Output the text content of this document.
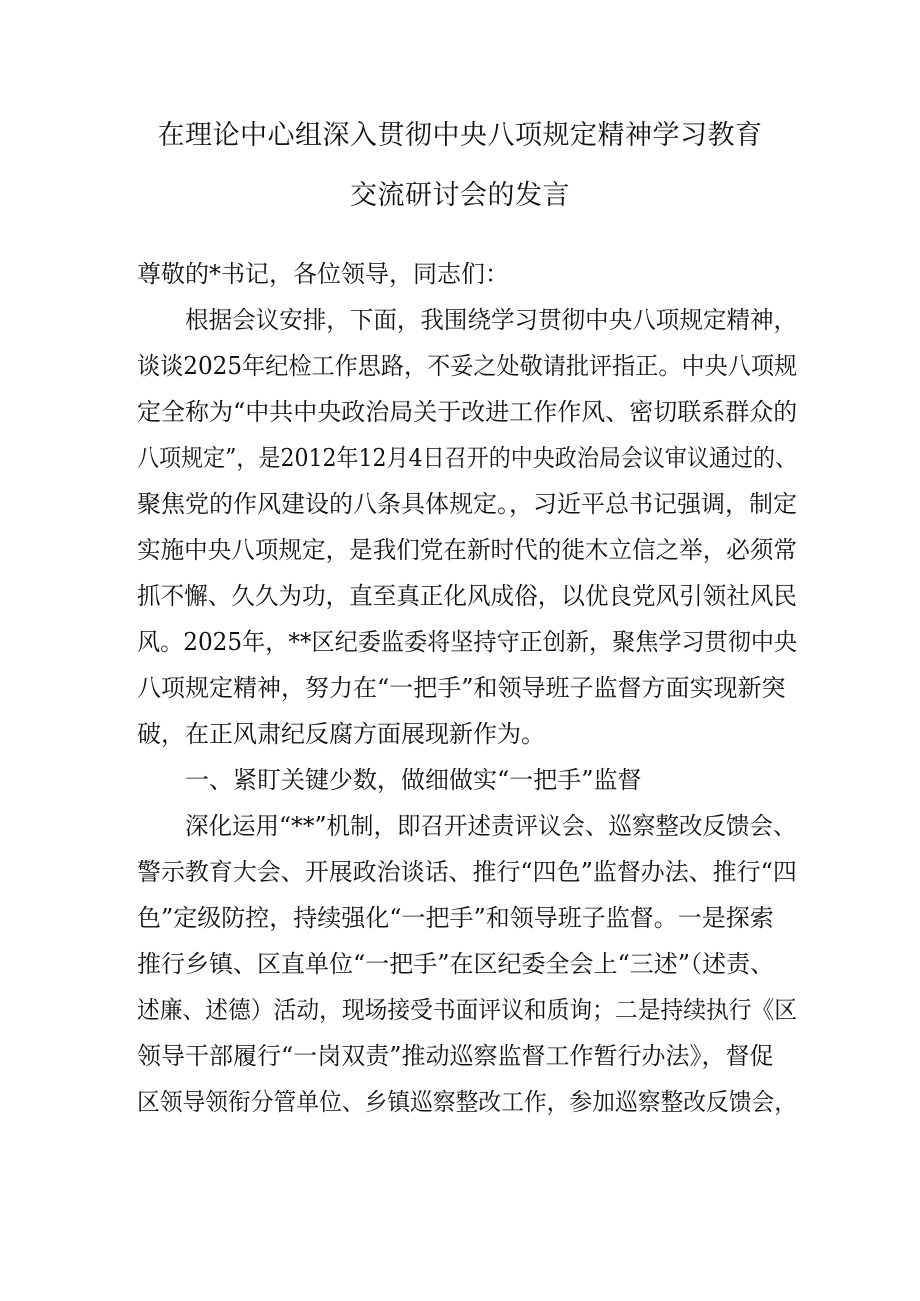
在理论中心组深入贯彻中央八项规定精神学习教育
交流研讨会的发言

尊敬的*书记，各位领导，同志们：

根据会议安排，下面，我围绕学习贯彻中央八项规定精神，

谈谈2025年纪检工作思路，不妥之处敬请批评指正。中央八项规

定全称为“中共中央政治局关于改进工作作风、密切联系群众的

八项规定”，是2012年12月4日召开的中央政治局会议审议通过的、

聚焦党的作风建设的八条具体规定。，习近平总书记强调，制定

实施中央八项规定，是我们党在新时代的徙木立信之举，必须常

抓不懈、久久为功，直至真正化风成俗，以优良党风引领社风民

风。2025年，**区纪委监委将坚持守正创新，聚焦学习贯彻中央

八项规定精神，努力在“一把手”和领导班子监督方面实现新突

破，在正风肃纪反腐方面展现新作为。

一、紧盯关键少数，做细做实“一把手”监督

深化运用“**”机制，即召开述责评议会、巡察整改反馈会、

警示教育大会、开展政治谈话、推行“四色”监督办法、推行“四

色”定级防控，持续强化“一把手”和领导班子监督。一是探索

推行乡镇、区直单位“一把手”在区纪委全会上“三述”（述责、

述廉、述德）活动，现场接受书面评议和质询；二是持续执行《区

领导干部履行“一岗双责”推动巡察监督工作暂行办法》，督促

区领导领衔分管单位、乡镇巡察整改工作，参加巡察整改反馈会，
